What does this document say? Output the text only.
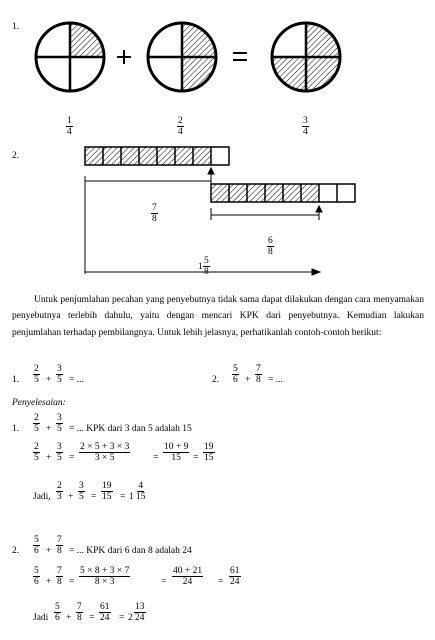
1.
1
4
2
4
3
4
2.
7
8
6
8
1
5
8
Untuk penjumlahan pecahan yang penyebutnya tidak sama dapat dilakukan dengan cara menyamakan penyebutnya terlebih dahulu, yaitu dengan mencari KPK dari penyebutnya. Kemudian lakukan penjumlahan terhadap pembilangnya. Untuk lebih jelasnya, perhatikanlah contoh-contoh berikut:
1.
2
5 +
3
5 = ...	2.
5
6 +
7
8 = ...
Penyelesaian:
1.
2
5 +
3
5 = ... KPK dari 3 dan 5 adalah 15
2
5 +
3
5 =
2 × 5 + 3 × 3
3 × 5	=
10 + 9
15 =
19
15
Jadi,
2
3 +
3
5 =
19
15 = 1
4
15
2.
5
6 +
7
8 = ... KPK dari 6 dan 8 adalah 24
5
6 +
7
8 =
5 × 8 + 3 × 7
8 × 3	=
40 + 21
24	=
61
24
Jadi
5
6 +
7
8 =
61
24 = 2
13
24
